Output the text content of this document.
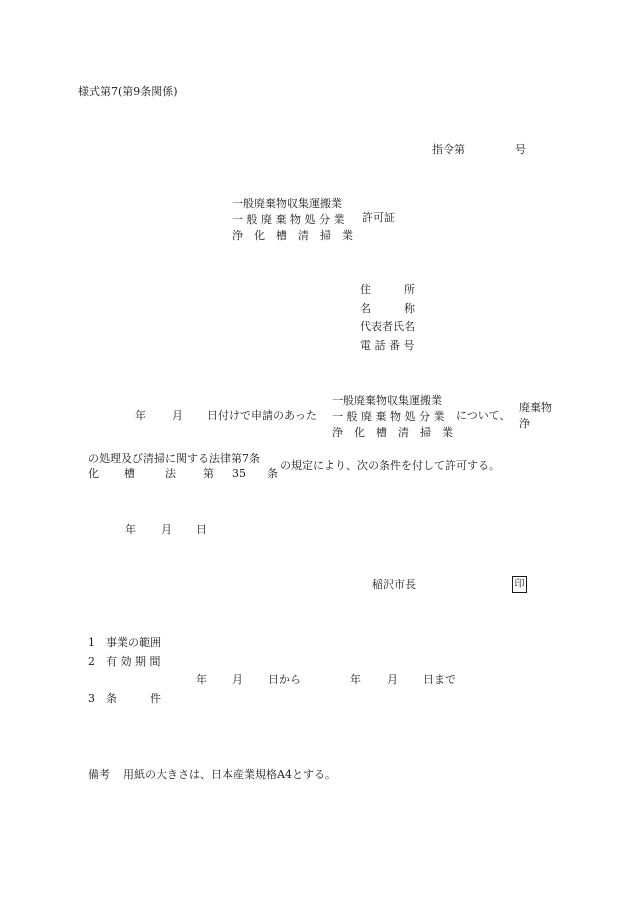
様式第7(第9条関係)
指令第	号
一般廃棄物収集運搬業
一 般 廃 棄 物 処 分 業
浄　化　槽　清　掃　業
許可証
住　　　所
名　　　称
代表者氏名
電 話 番 号
年 月 日付けで申請のあった
一般廃棄物収集運搬業
一 般 廃 棄 物 処 分 業
浄　化　槽　清　掃　業
について、
廃棄物
浄
の処理及び清掃に関する法律第7条
化 槽	法 第 35 条
の規定により、次の条件を付して許可する。
年 月 日
稲沢市長	印
1 事業の範囲
2 有 効 期 間
年 月 日から	年 月 日まで
3 条　　　件
備考 用紙の大きさは、日本産業規格A4とする。
